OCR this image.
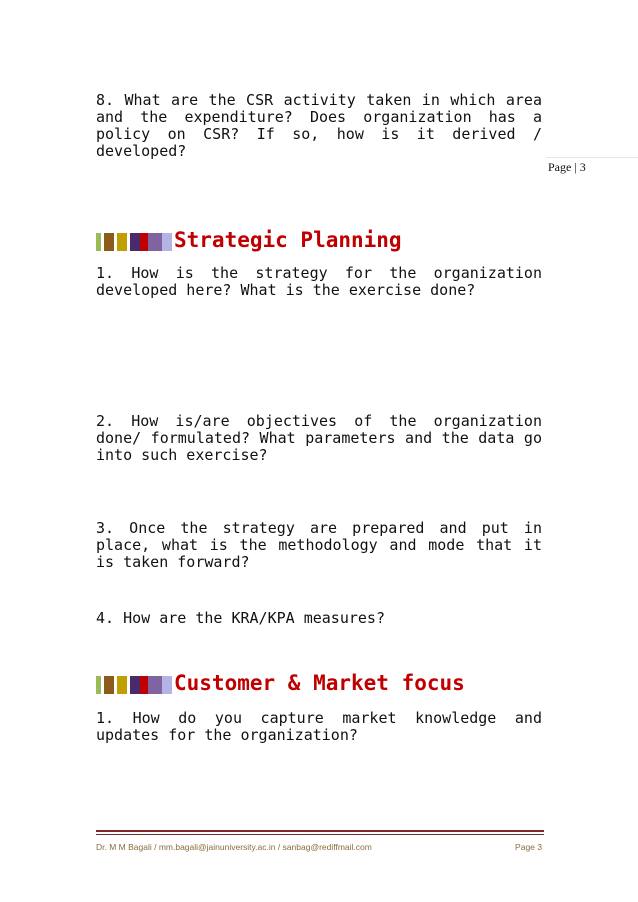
8. What are the CSR activity taken in which area
and the expenditure? Does organization has a
policy on CSR? If so, how is it derived /
developed?
Page | 3
Strategic Planning
1. How is the strategy for the organization
developed here? What is the exercise done?
2. How is/are objectives of the organization
done/ formulated? What parameters and the data go
into such exercise?
3. Once the strategy are prepared and put in
place, what is the methodology and mode that it
is taken forward?
4. How are the KRA/KPA measures?
Customer & Market focus
1. How do you capture market knowledge and
updates for the organization?
Dr. M M Bagali / mm.bagali@jainuniversity.ac.in / sanbag@rediffmail.com	Page 3
